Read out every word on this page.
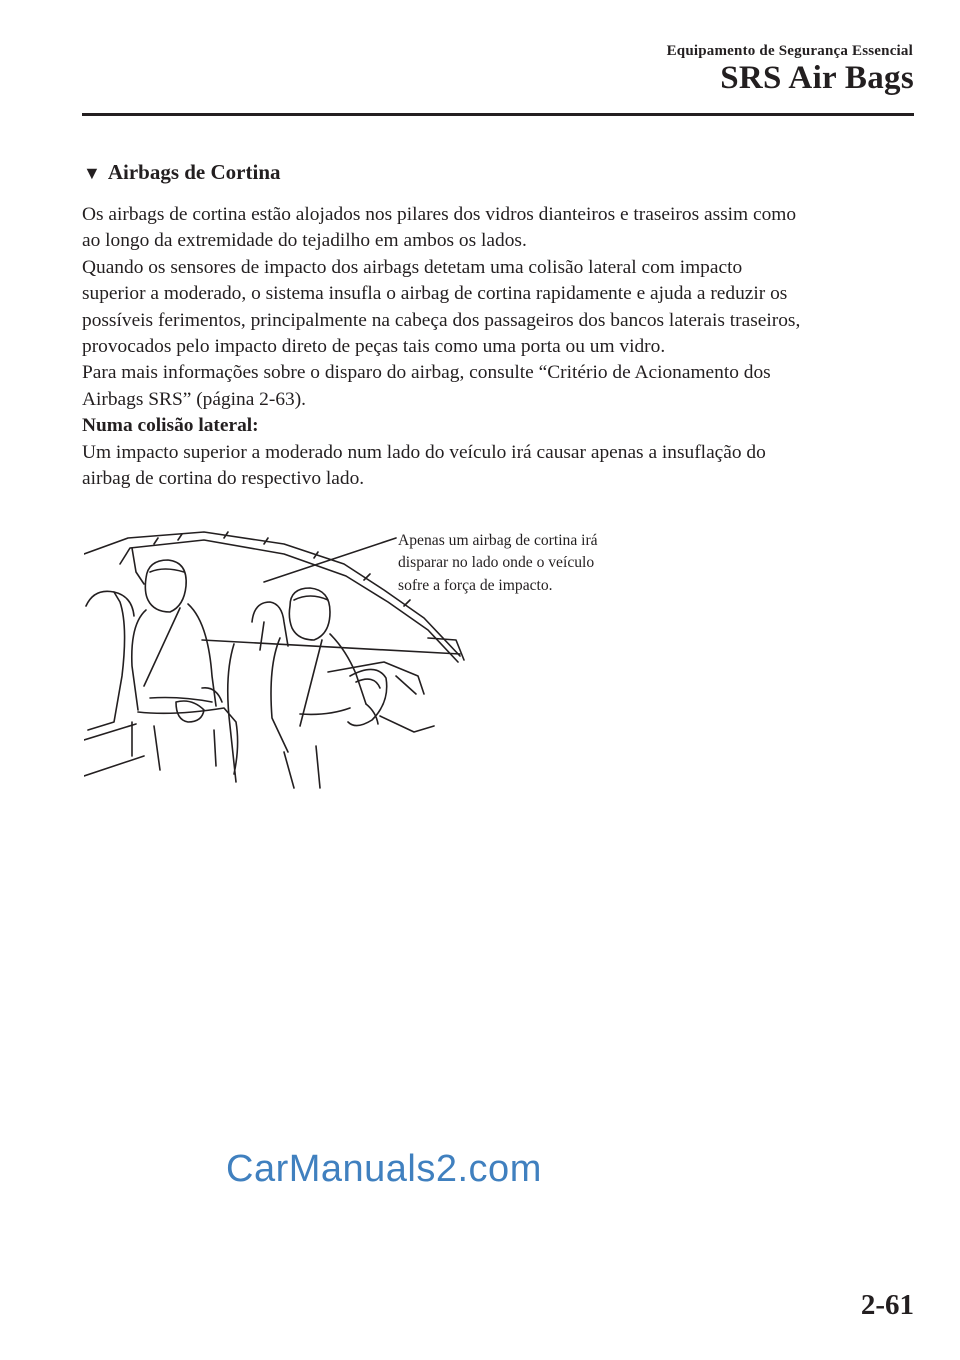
Equipamento de Segurança Essencial
SRS Air Bags
▼ Airbags de Cortina

Os airbags de cortina estão alojados nos pilares dos vidros dianteiros e traseiros assim como

ao longo da extremidade do tejadilho em ambos os lados.

Quando os sensores de impacto dos airbags detetam uma colisão lateral com impacto

superior a moderado, o sistema insufla o airbag de cortina rapidamente e ajuda a reduzir os

possíveis ferimentos, principalmente na cabeça dos passageiros dos bancos laterais traseiros,

provocados pelo impacto direto de peças tais como uma porta ou um vidro.

Para mais informações sobre o disparo do airbag, consulte “Critério de Acionamento dos

Airbags SRS” (página 2-63).

Numa colisão lateral:

Um impacto superior a moderado num lado do veículo irá causar apenas a insuflação do

airbag de cortina do respectivo lado.

Apenas um airbag de cortina irá
disparar no lado onde o veículo
sofre a força de impacto.
CarManuals2.com
2-61
